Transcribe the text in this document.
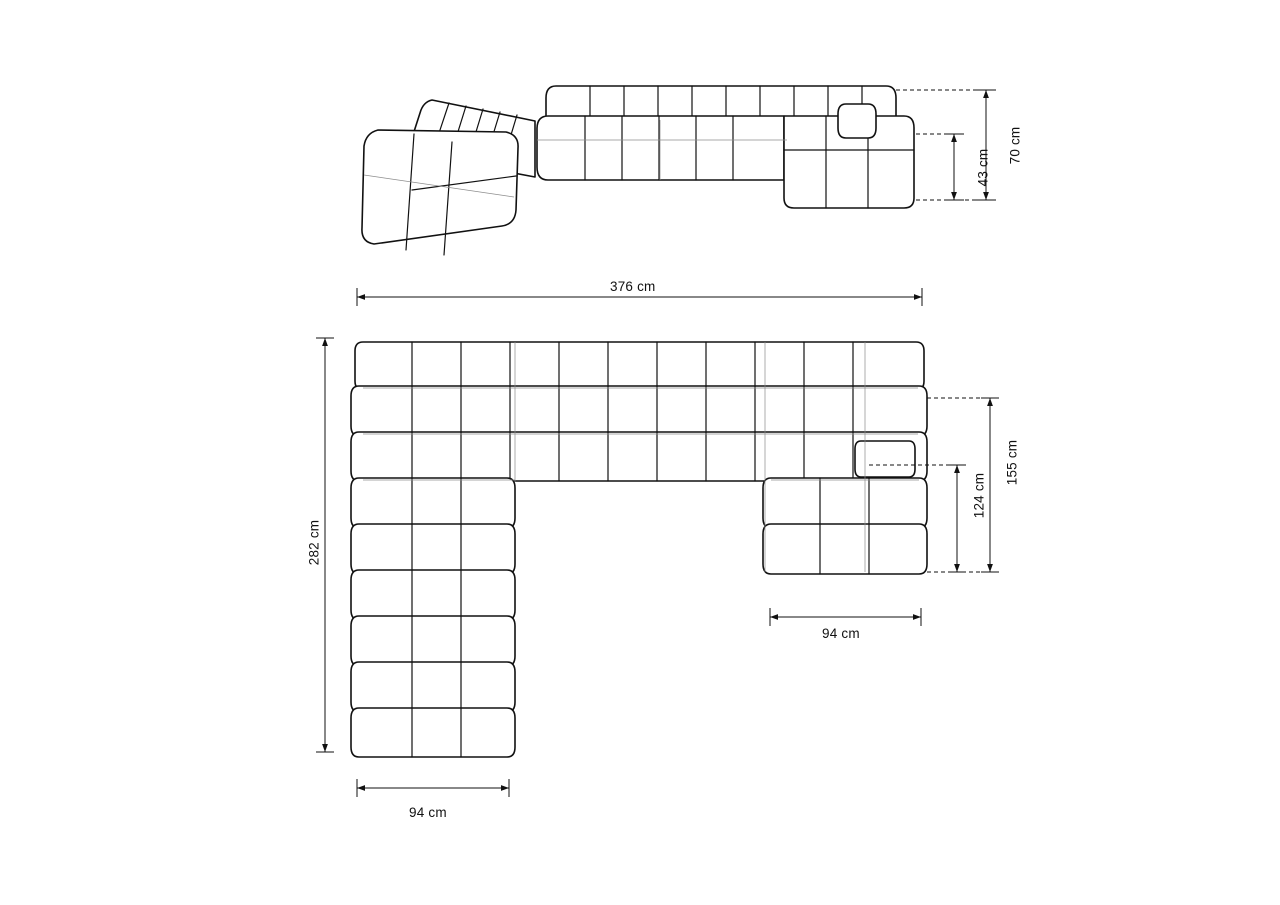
70 cm
43 cm
376 cm
282 cm
155 cm
124 cm
94 cm
94 cm
